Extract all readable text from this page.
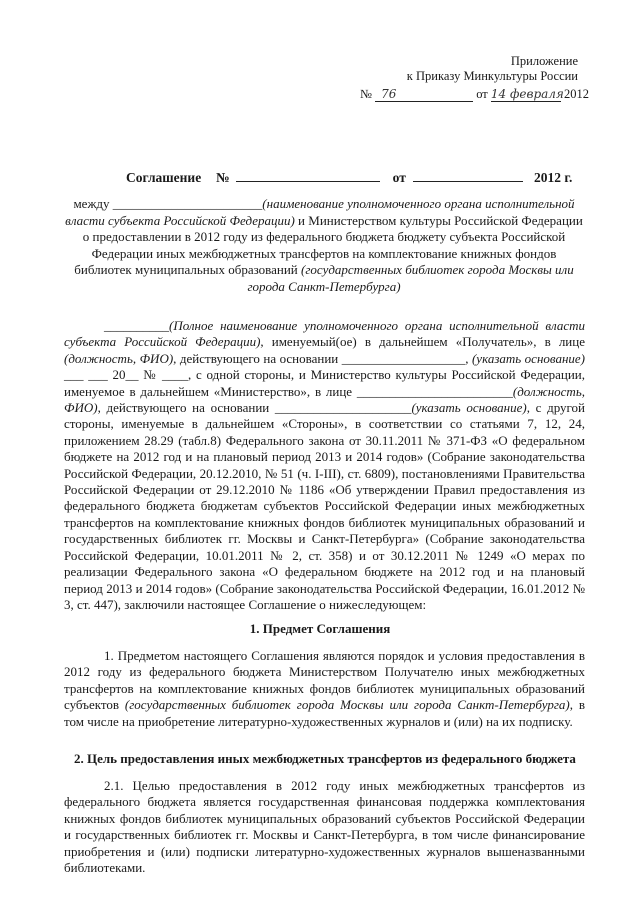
Приложение
к Приказу Минкультуры России
№ 76	от 14 февраля 2012
Соглашение №	от	2012 г.
между _______________________(наименование уполномоченного органа исполнительной власти субъекта Российской Федерации) и Министерством культуры Российской Федерации о предоставлении в 2012 году из федерального бюджета бюджету субъекта Российской Федерации иных межбюджетных трансфертов на комплектование книжных фондов библиотек муниципальных образований (государственных библиотек города Москвы или города Санкт-Петербурга)
__________(Полное наименование уполномоченного органа исполнительной власти субъекта Российской Федерации), именуемый(ое) в дальнейшем «Получатель», в лице (должность, ФИО), действующего на основании ___________________, (указать основание) ___ ___ 20__ № ____, с одной стороны, и Министерство культуры Российской Федерации, именуемое в дальнейшем «Министерство», в лице ________________________(должность, ФИО), действующего на основании _____________________(указать основание), с другой стороны, именуемые в дальнейшем «Стороны», в соответствии со статьями 7, 12, 24, приложением 28.29 (табл.8) Федерального закона от 30.11.2011 № 371-ФЗ «О федеральном бюджете на 2012 год и на плановый период 2013 и 2014 годов» (Собрание законодательства Российской Федерации, 20.12.2010, № 51 (ч. I-III), ст. 6809), постановлениями Правительства Российской Федерации от 29.12.2010 № 1186 «Об утверждении Правил предоставления из федерального бюджета бюджетам субъектов Российской Федерации иных межбюджетных трансфертов на комплектование книжных фондов библиотек муниципальных образований и государственных библиотек гг. Москвы и Санкт-Петербурга» (Собрание законодательства Российской Федерации, 10.01.2011 № 2, ст. 358) и от 30.12.2011 № 1249 «О мерах по реализации Федерального закона «О федеральном бюджете на 2012 год и на плановый период 2013 и 2014 годов» (Собрание законодательства Российской Федерации, 16.01.2012 № 3, ст. 447), заключили настоящее Соглашение о нижеследующем:
1. Предмет Соглашения
1. Предметом настоящего Соглашения являются порядок и условия предоставления в 2012 году из федерального бюджета Министерством Получателю иных межбюджетных трансфертов на комплектование книжных фондов библиотек муниципальных образований субъектов (государственных библиотек города Москвы или города Санкт-Петербурга), в том числе на приобретение литературно-художественных журналов и (или) на их подписку.
2. Цель предоставления иных межбюджетных трансфертов из федерального бюджета
2.1. Целью предоставления в 2012 году иных межбюджетных трансфертов из федерального бюджета является государственная финансовая поддержка комплектования книжных фондов библиотек муниципальных образований субъектов Российской Федерации и государственных библиотек гг. Москвы и Санкт-Петербурга, в том числе финансирование приобретения и (или) подписки литературно-художественных журналов вышеназванными библиотеками.
